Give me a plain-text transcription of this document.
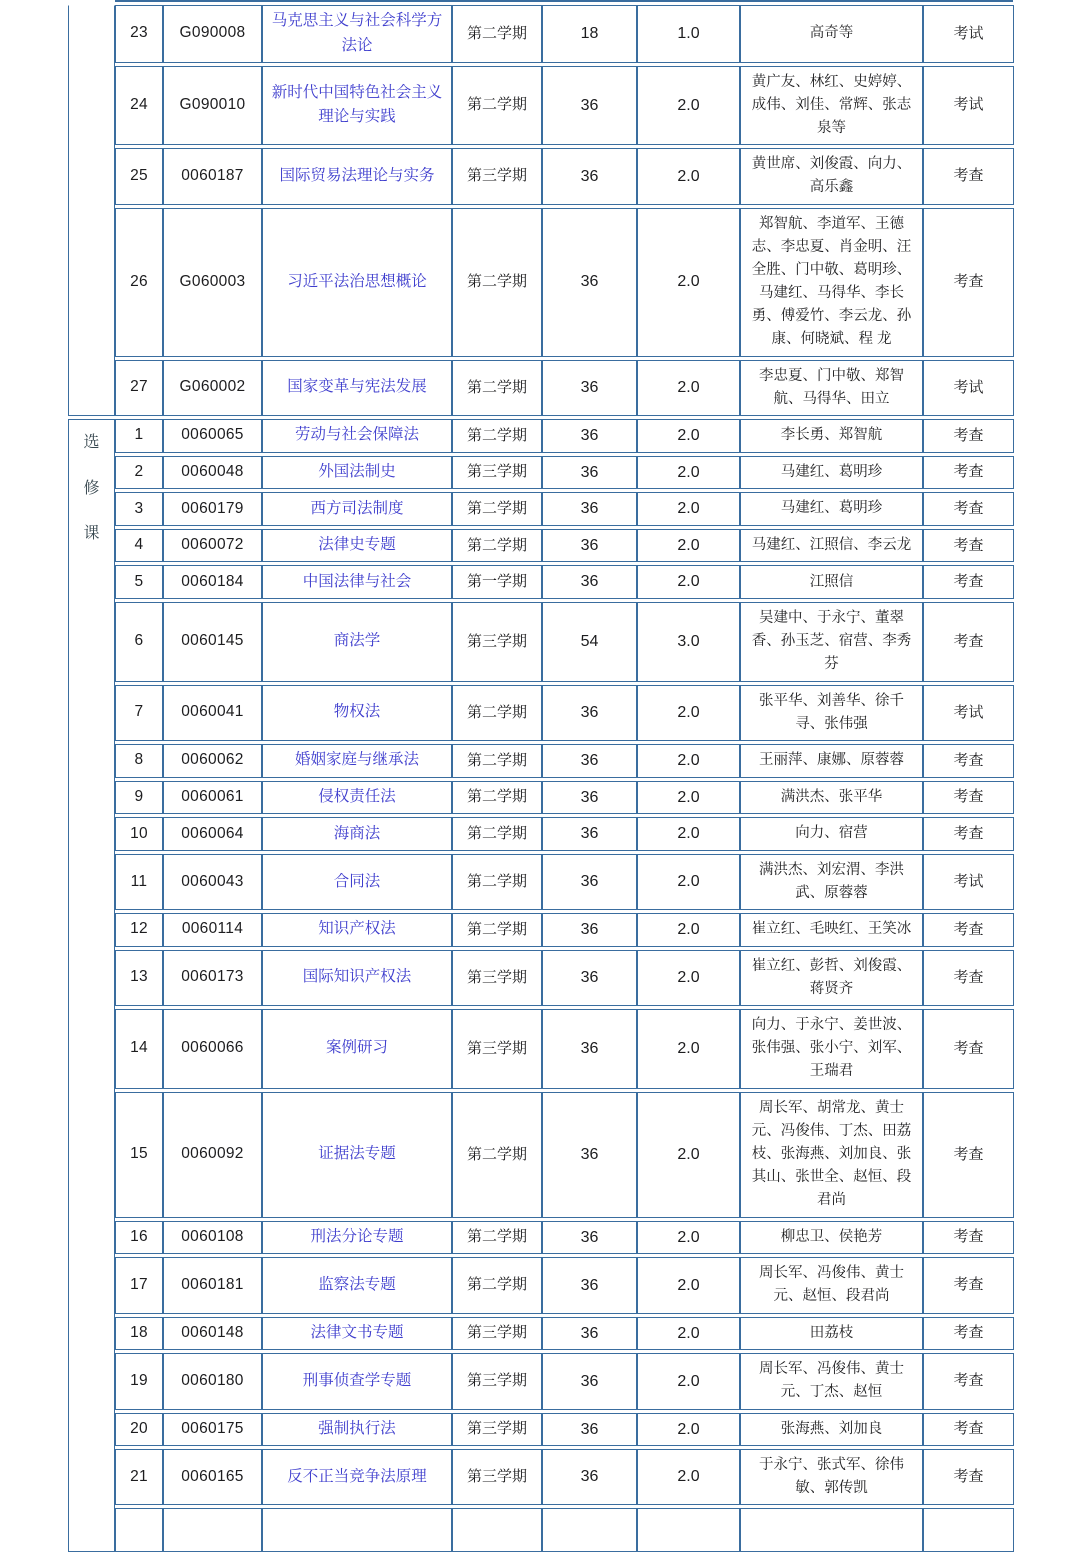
	23	G090008	马克思主义与社会科学方法论	第二学期	18	1.0	高奇等	考试
	24	G090010	新时代中国特色社会主义理论与实践	第二学期	36	2.0	黄广友、林红、史婷婷、成伟、刘佳、常辉、张志泉等	考试
	25	0060187	国际贸易法理论与实务	第三学期	36	2.0	黄世席、刘俊霞、向力、高乐鑫	考查
	26	G060003	习近平法治思想概论	第二学期	36	2.0	郑智航、李道军、王德志、李忠夏、肖金明、汪全胜、门中敬、葛明珍、马建红、马得华、李长勇、傅爱竹、李云龙、孙 康、何晓斌、程 龙	考查
	27	G060002	国家变革与宪法发展	第二学期	36	2.0	李忠夏、门中敬、郑智航、马得华、田立	考试

选
修
课	1	0060065	劳动与社会保障法	第二学期	36	2.0	李长勇、郑智航	考查
	2	0060048	外国法制史	第三学期	36	2.0	马建红、葛明珍	考查
	3	0060179	西方司法制度	第二学期	36	2.0	马建红、葛明珍	考查
	4	0060072	法律史专题	第二学期	36	2.0	马建红、江照信、李云龙	考查
	5	0060184	中国法律与社会	第一学期	36	2.0	江照信	考查
	6	0060145	商法学	第三学期	54	3.0	吴建中、于永宁、董翠香、孙玉芝、宿营、李秀芬	考查
	7	0060041	物权法	第二学期	36	2.0	张平华、刘善华、徐千寻、张伟强	考试
	8	0060062	婚姻家庭与继承法	第二学期	36	2.0	王丽萍、康娜、原蓉蓉	考查
	9	0060061	侵权责任法	第二学期	36	2.0	满洪杰、张平华	考查
	10	0060064	海商法	第二学期	36	2.0	向力、宿营	考查
	11	0060043	合同法	第二学期	36	2.0	满洪杰、刘宏渭、李洪武、原蓉蓉	考试
	12	0060114	知识产权法	第二学期	36	2.0	崔立红、毛映红、王笑冰	考查
	13	0060173	国际知识产权法	第三学期	36	2.0	崔立红、彭哲、刘俊霞、蒋贤齐	考查
	14	0060066	案例研习	第三学期	36	2.0	向力、于永宁、姜世波、张伟强、张小宁、刘军、王瑞君	考查
	15	0060092	证据法专题	第二学期	36	2.0	周长军、胡常龙、黄士元、冯俊伟、丁杰、田荔枝、张海燕、刘加良、张其山、张世全、赵恒、段君尚	考查
	16	0060108	刑法分论专题	第二学期	36	2.0	柳忠卫、侯艳芳	考查
	17	0060181	监察法专题	第二学期	36	2.0	周长军、冯俊伟、黄士元、赵恒、段君尚	考查
	18	0060148	法律文书专题	第三学期	36	2.0	田荔枝	考查
	19	0060180	刑事侦查学专题	第三学期	36	2.0	周长军、冯俊伟、黄士元、丁杰、赵恒	考查
	20	0060175	强制执行法	第三学期	36	2.0	张海燕、刘加良	考查
	21	0060165	反不正当竞争法原理	第三学期	36	2.0	于永宁、张式军、徐伟敏、郭传凯	考查
